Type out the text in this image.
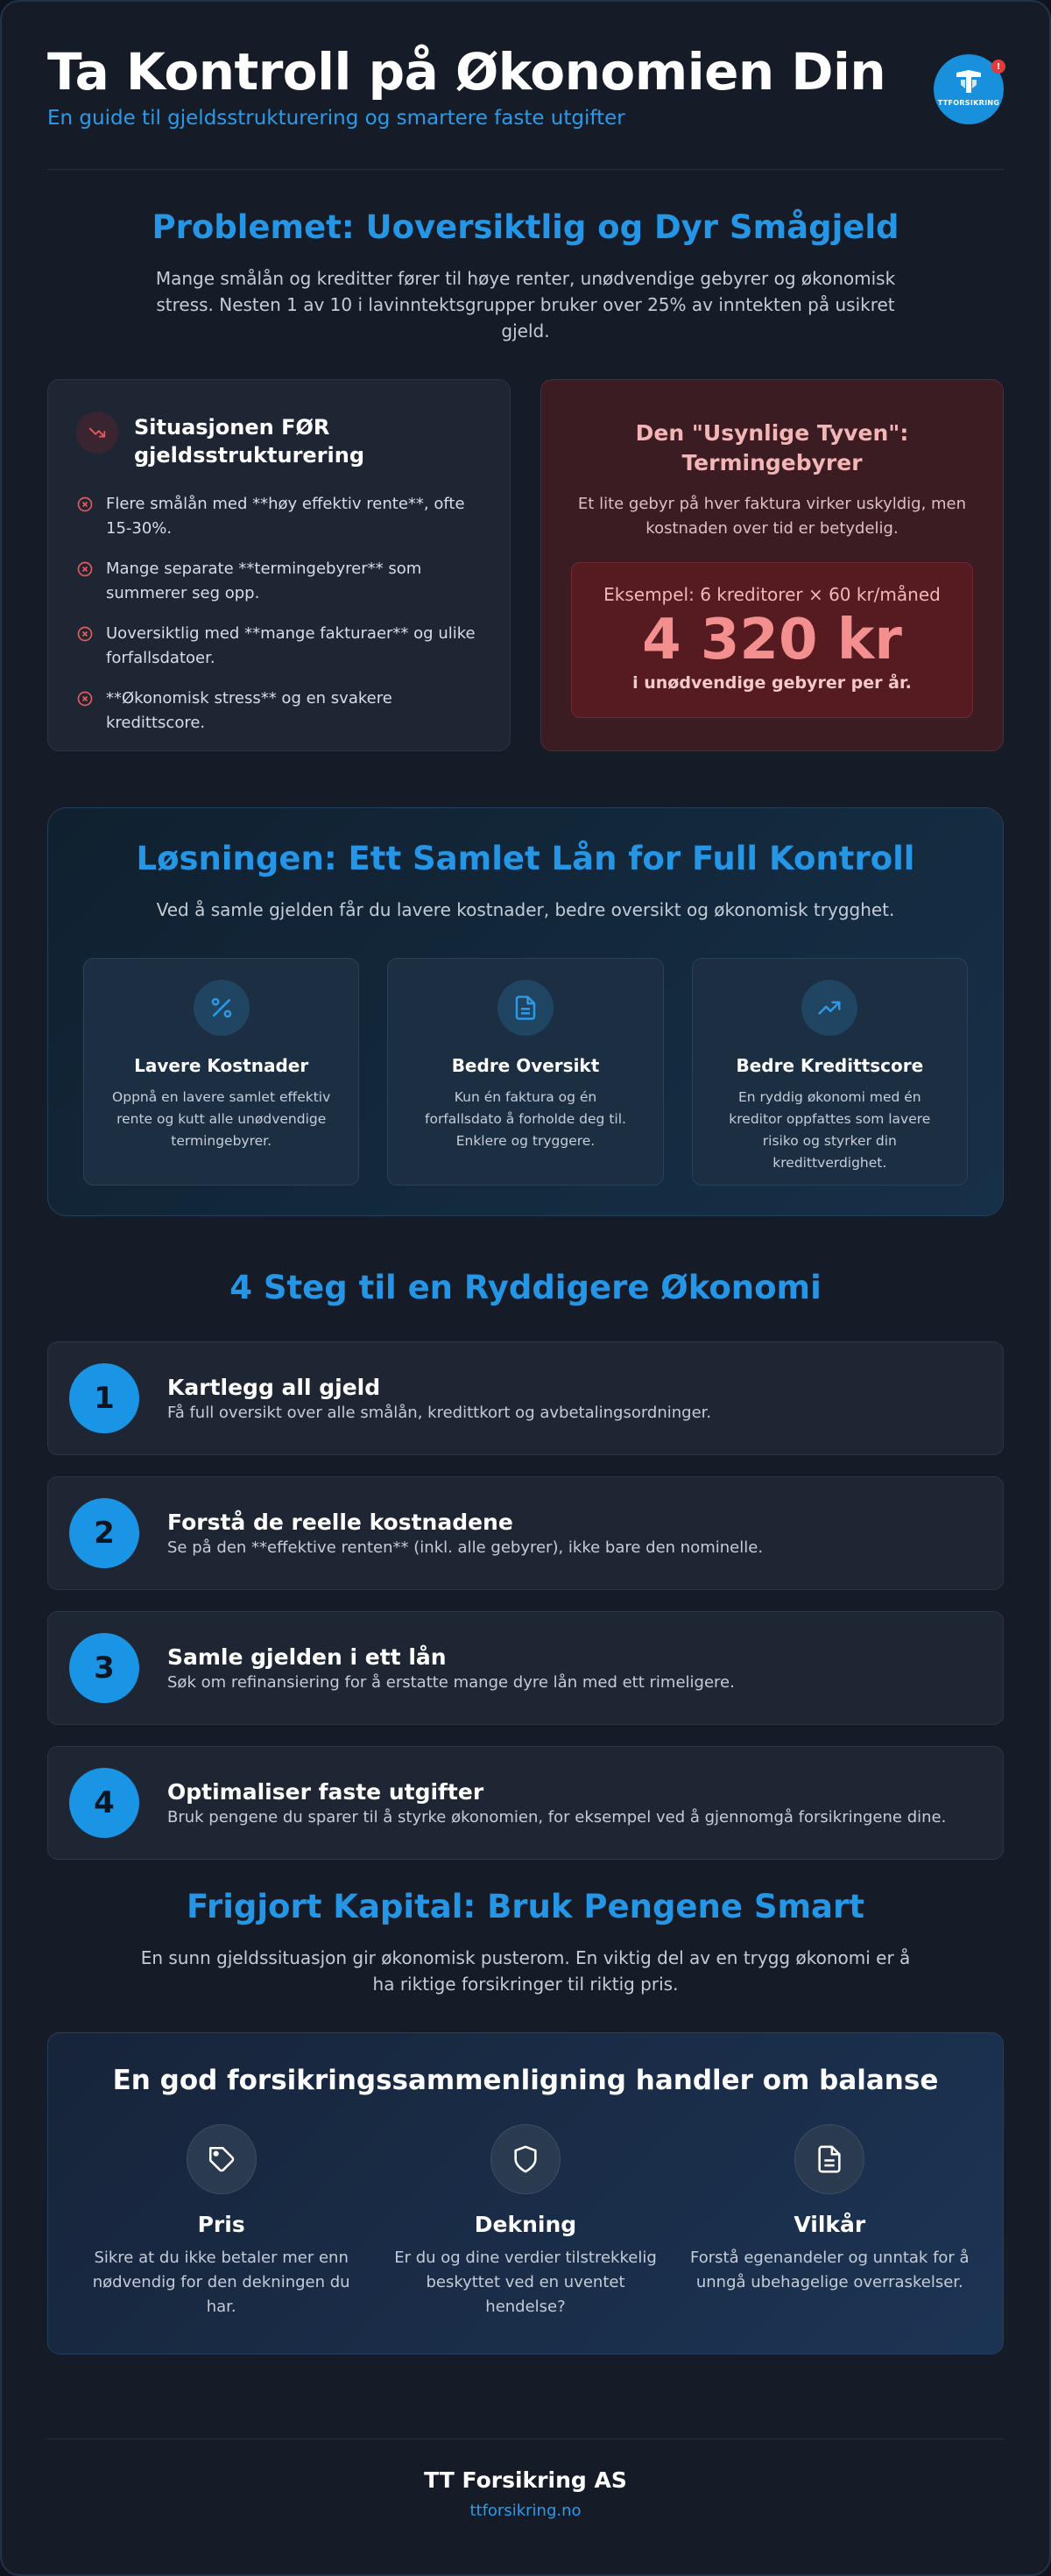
Ta Kontroll på Økonomien Din

En guide til gjeldsstrukturering og smartere faste utgifter

TTFORSIKRING
!
Problemet: Uoversiktlig og Dyr Smågjeld

Mange smålån og kreditter fører til høye renter, unødvendige gebyrer og økonomisk stress. Nesten 1 av 10 i lavinntektsgrupper bruker over 25% av inntekten på usikret gjeld.

Situasjonen FØR gjeldsstrukturering
Flere smålån med **høy effektiv rente**, ofte 15-30%.
Mange separate **termingebyrer** som summerer seg opp.
Uoversiktlig med **mange fakturaer** og ulike forfallsdatoer.
**Økonomisk stress** og en svakere kredittscore.
Den "Usynlige Tyven": Termingebyrer
Et lite gebyr på hver faktura virker uskyldig, men kostnaden over tid er betydelig.
Eksempel: 6 kreditorer × 60 kr/måned
4 320 kr
i unødvendige gebyrer per år.
Løsningen: Ett Samlet Lån for Full Kontroll

Ved å samle gjelden får du lavere kostnader, bedre oversikt og økonomisk trygghet.

Lavere Kostnader
Oppnå en lavere samlet effektiv rente og kutt alle unødvendige termingebyrer.
Bedre Oversikt
Kun én faktura og én forfallsdato å forholde deg til. Enklere og tryggere.
Bedre Kredittscore
En ryddig økonomi med én kreditor oppfattes som lavere risiko og styrker din kredittverdighet.
4 Steg til en Ryddigere Økonomi
1	Kartlegg all gjeld
Få full oversikt over alle smålån, kredittkort og avbetalingsordninger.
2	Forstå de reelle kostnadene
Se på den **effektive renten** (inkl. alle gebyrer), ikke bare den nominelle.
3	Samle gjelden i ett lån
Søk om refinansiering for å erstatte mange dyre lån med ett rimeligere.
4	Optimaliser faste utgifter
Bruk pengene du sparer til å styrke økonomien, for eksempel ved å gjennomgå forsikringene dine.
Frigjort Kapital: Bruk Pengene Smart

En sunn gjeldssituasjon gir økonomisk pusterom. En viktig del av en trygg økonomi er å ha riktige forsikringer til riktig pris.

En god forsikringssammenligning handler om balanse
Pris
Sikre at du ikke betaler mer enn nødvendig for den dekningen du har.
Dekning
Er du og dine verdier tilstrekkelig beskyttet ved en uventet hendelse?
Vilkår
Forstå egenandeler og unntak for å unngå ubehagelige overraskelser.
TT Forsikring AS
ttforsikring.no
